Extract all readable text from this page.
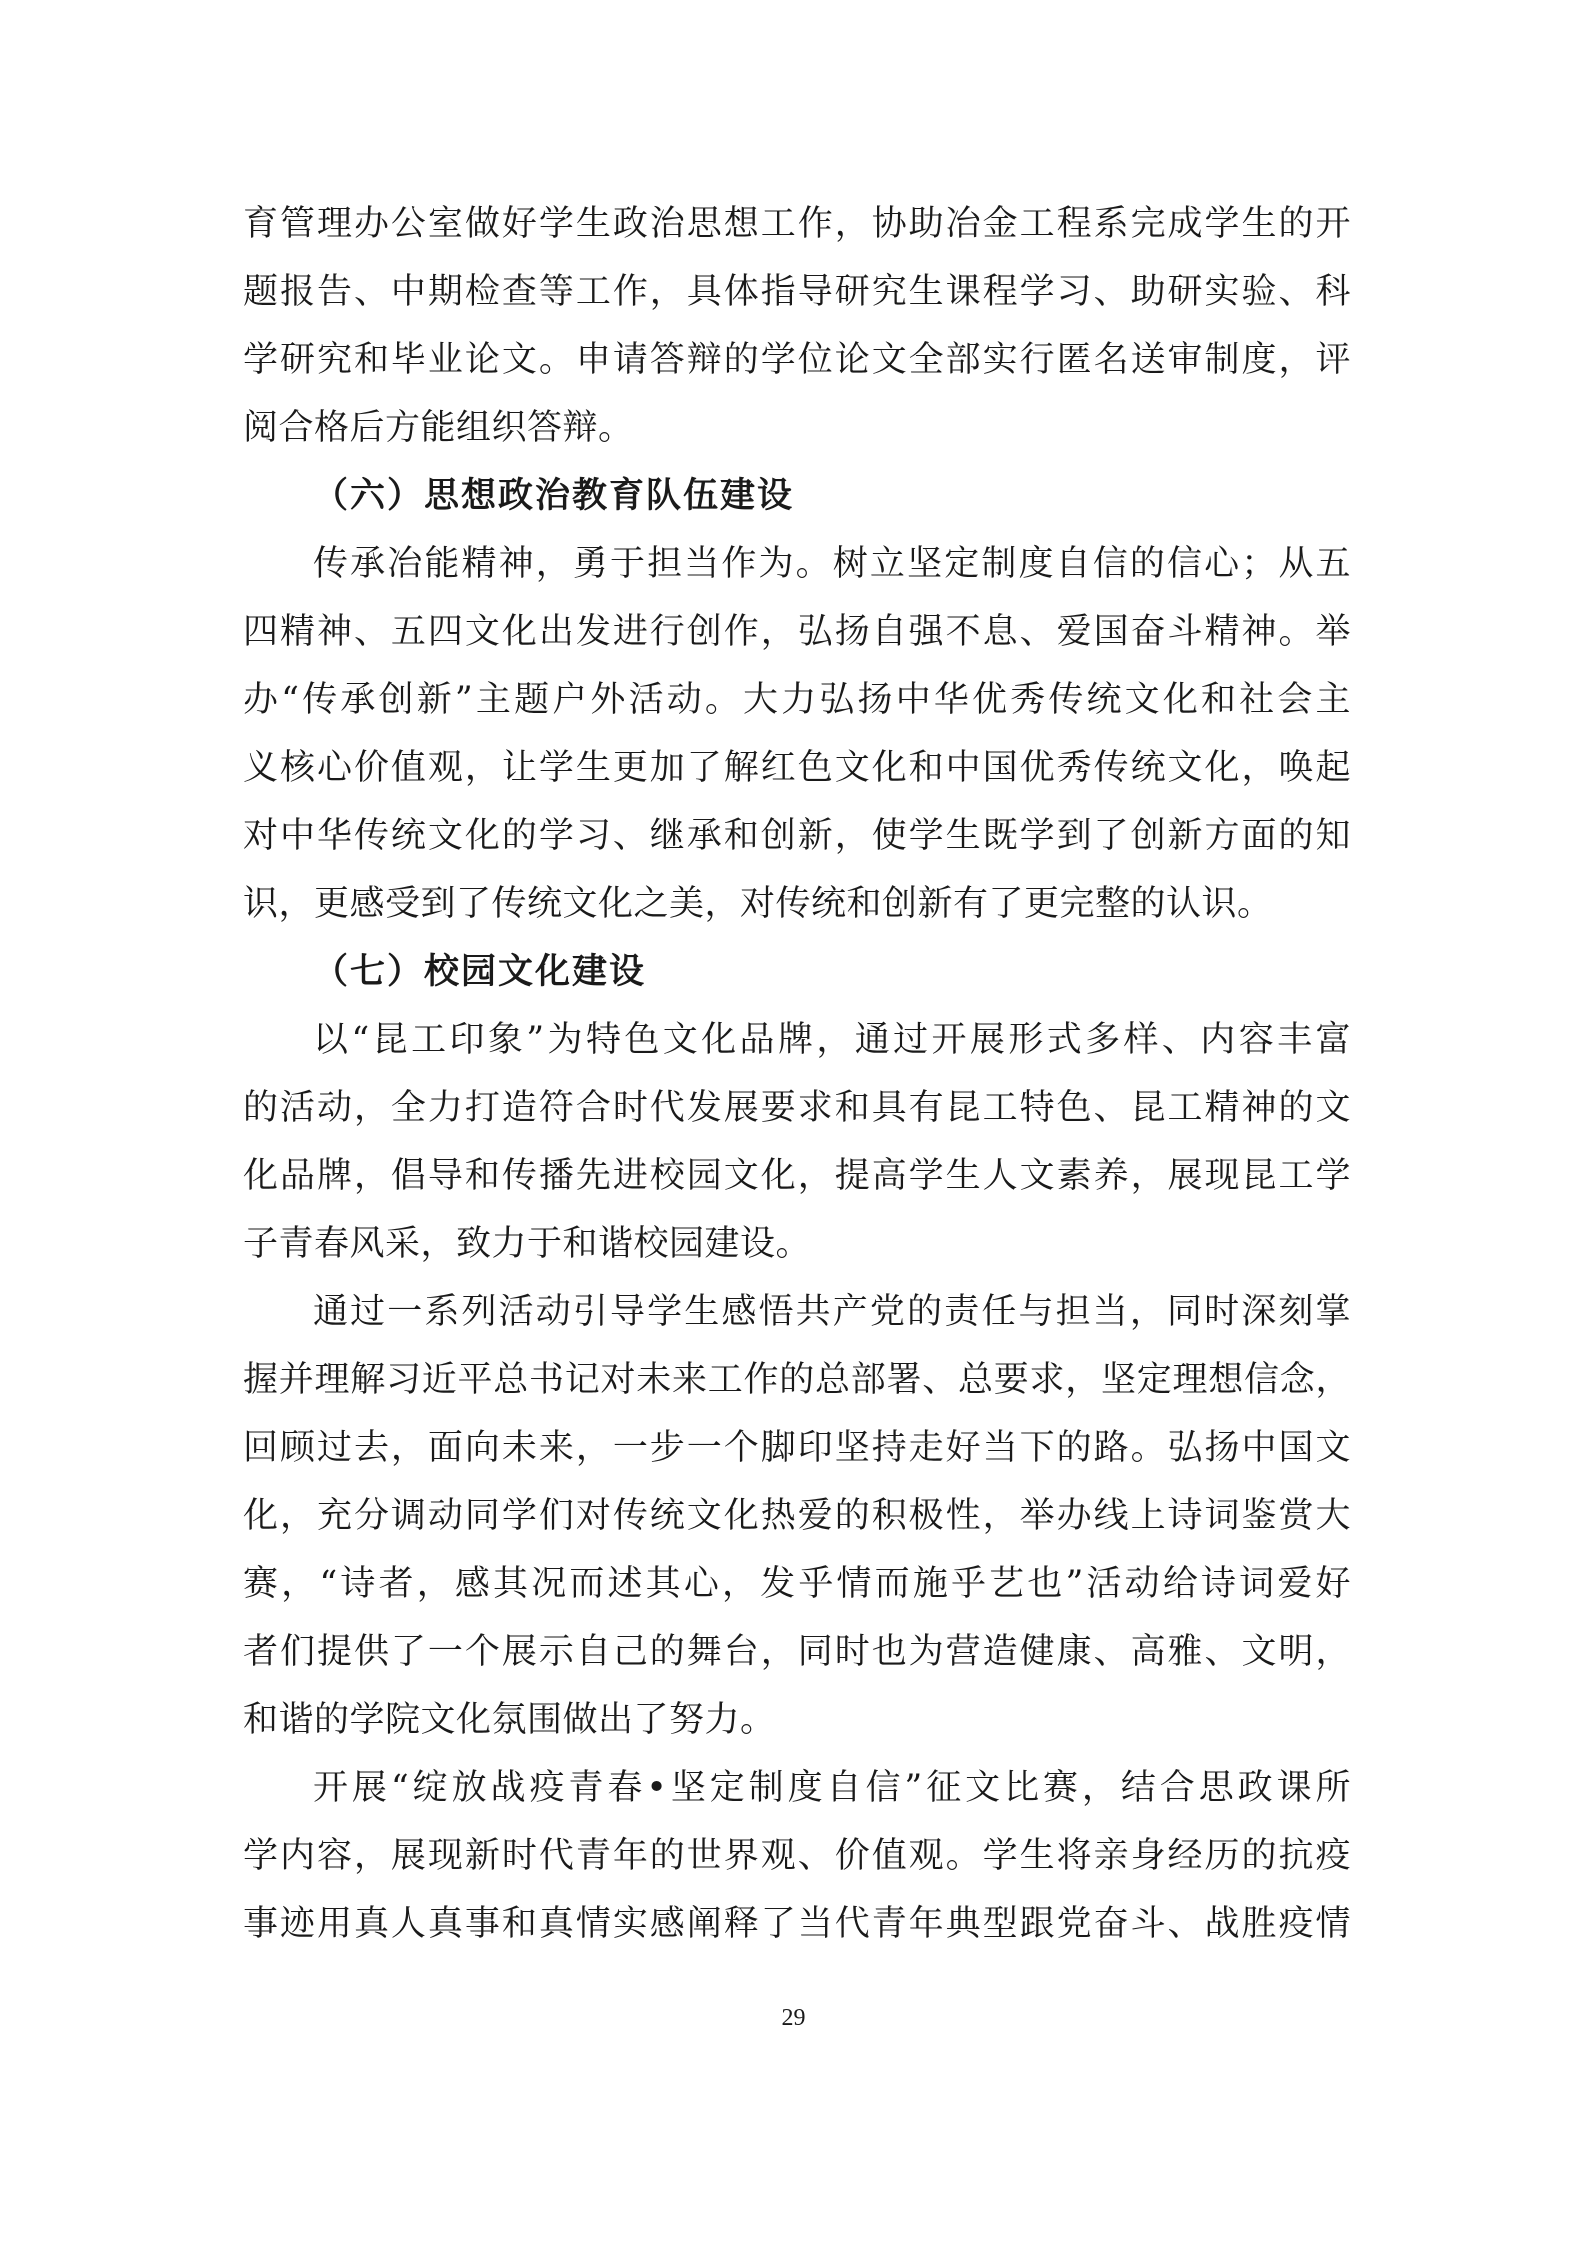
育管理办公室做好学生政治思想工作，协助冶金工程系完成学生的开
题报告、中期检查等工作，具体指导研究生课程学习、助研实验、科
学研究和毕业论文。申请答辩的学位论文全部实行匿名送审制度，评
阅合格后方能组织答辩。
（六）思想政治教育队伍建设
传承冶能精神，勇于担当作为。树立坚定制度自信的信心；从五
四精神、五四文化出发进行创作，弘扬自强不息、爱国奋斗精神。举
办“传承创新”主题户外活动。大力弘扬中华优秀传统文化和社会主
义核心价值观，让学生更加了解红色文化和中国优秀传统文化，唤起
对中华传统文化的学习、继承和创新，使学生既学到了创新方面的知
识，更感受到了传统文化之美，对传统和创新有了更完整的认识。
（七）校园文化建设
以“昆工印象”为特色文化品牌，通过开展形式多样、内容丰富
的活动，全力打造符合时代发展要求和具有昆工特色、昆工精神的文
化品牌，倡导和传播先进校园文化，提高学生人文素养，展现昆工学
子青春风采，致力于和谐校园建设。
通过一系列活动引导学生感悟共产党的责任与担当，同时深刻掌
握并理解习近平总书记对未来工作的总部署、总要求，坚定理想信念，
回顾过去，面向未来，一步一个脚印坚持走好当下的路。弘扬中国文
化，充分调动同学们对传统文化热爱的积极性，举办线上诗词鉴赏大
赛，“诗者，感其况而述其心，发乎情而施乎艺也”活动给诗词爱好
者们提供了一个展示自己的舞台，同时也为营造健康、高雅、文明，
和谐的学院文化氛围做出了努力。
开展“绽放战疫青春•坚定制度自信”征文比赛，结合思政课所
学内容，展现新时代青年的世界观、价值观。学生将亲身经历的抗疫
事迹用真人真事和真情实感阐释了当代青年典型跟党奋斗、战胜疫情
29
